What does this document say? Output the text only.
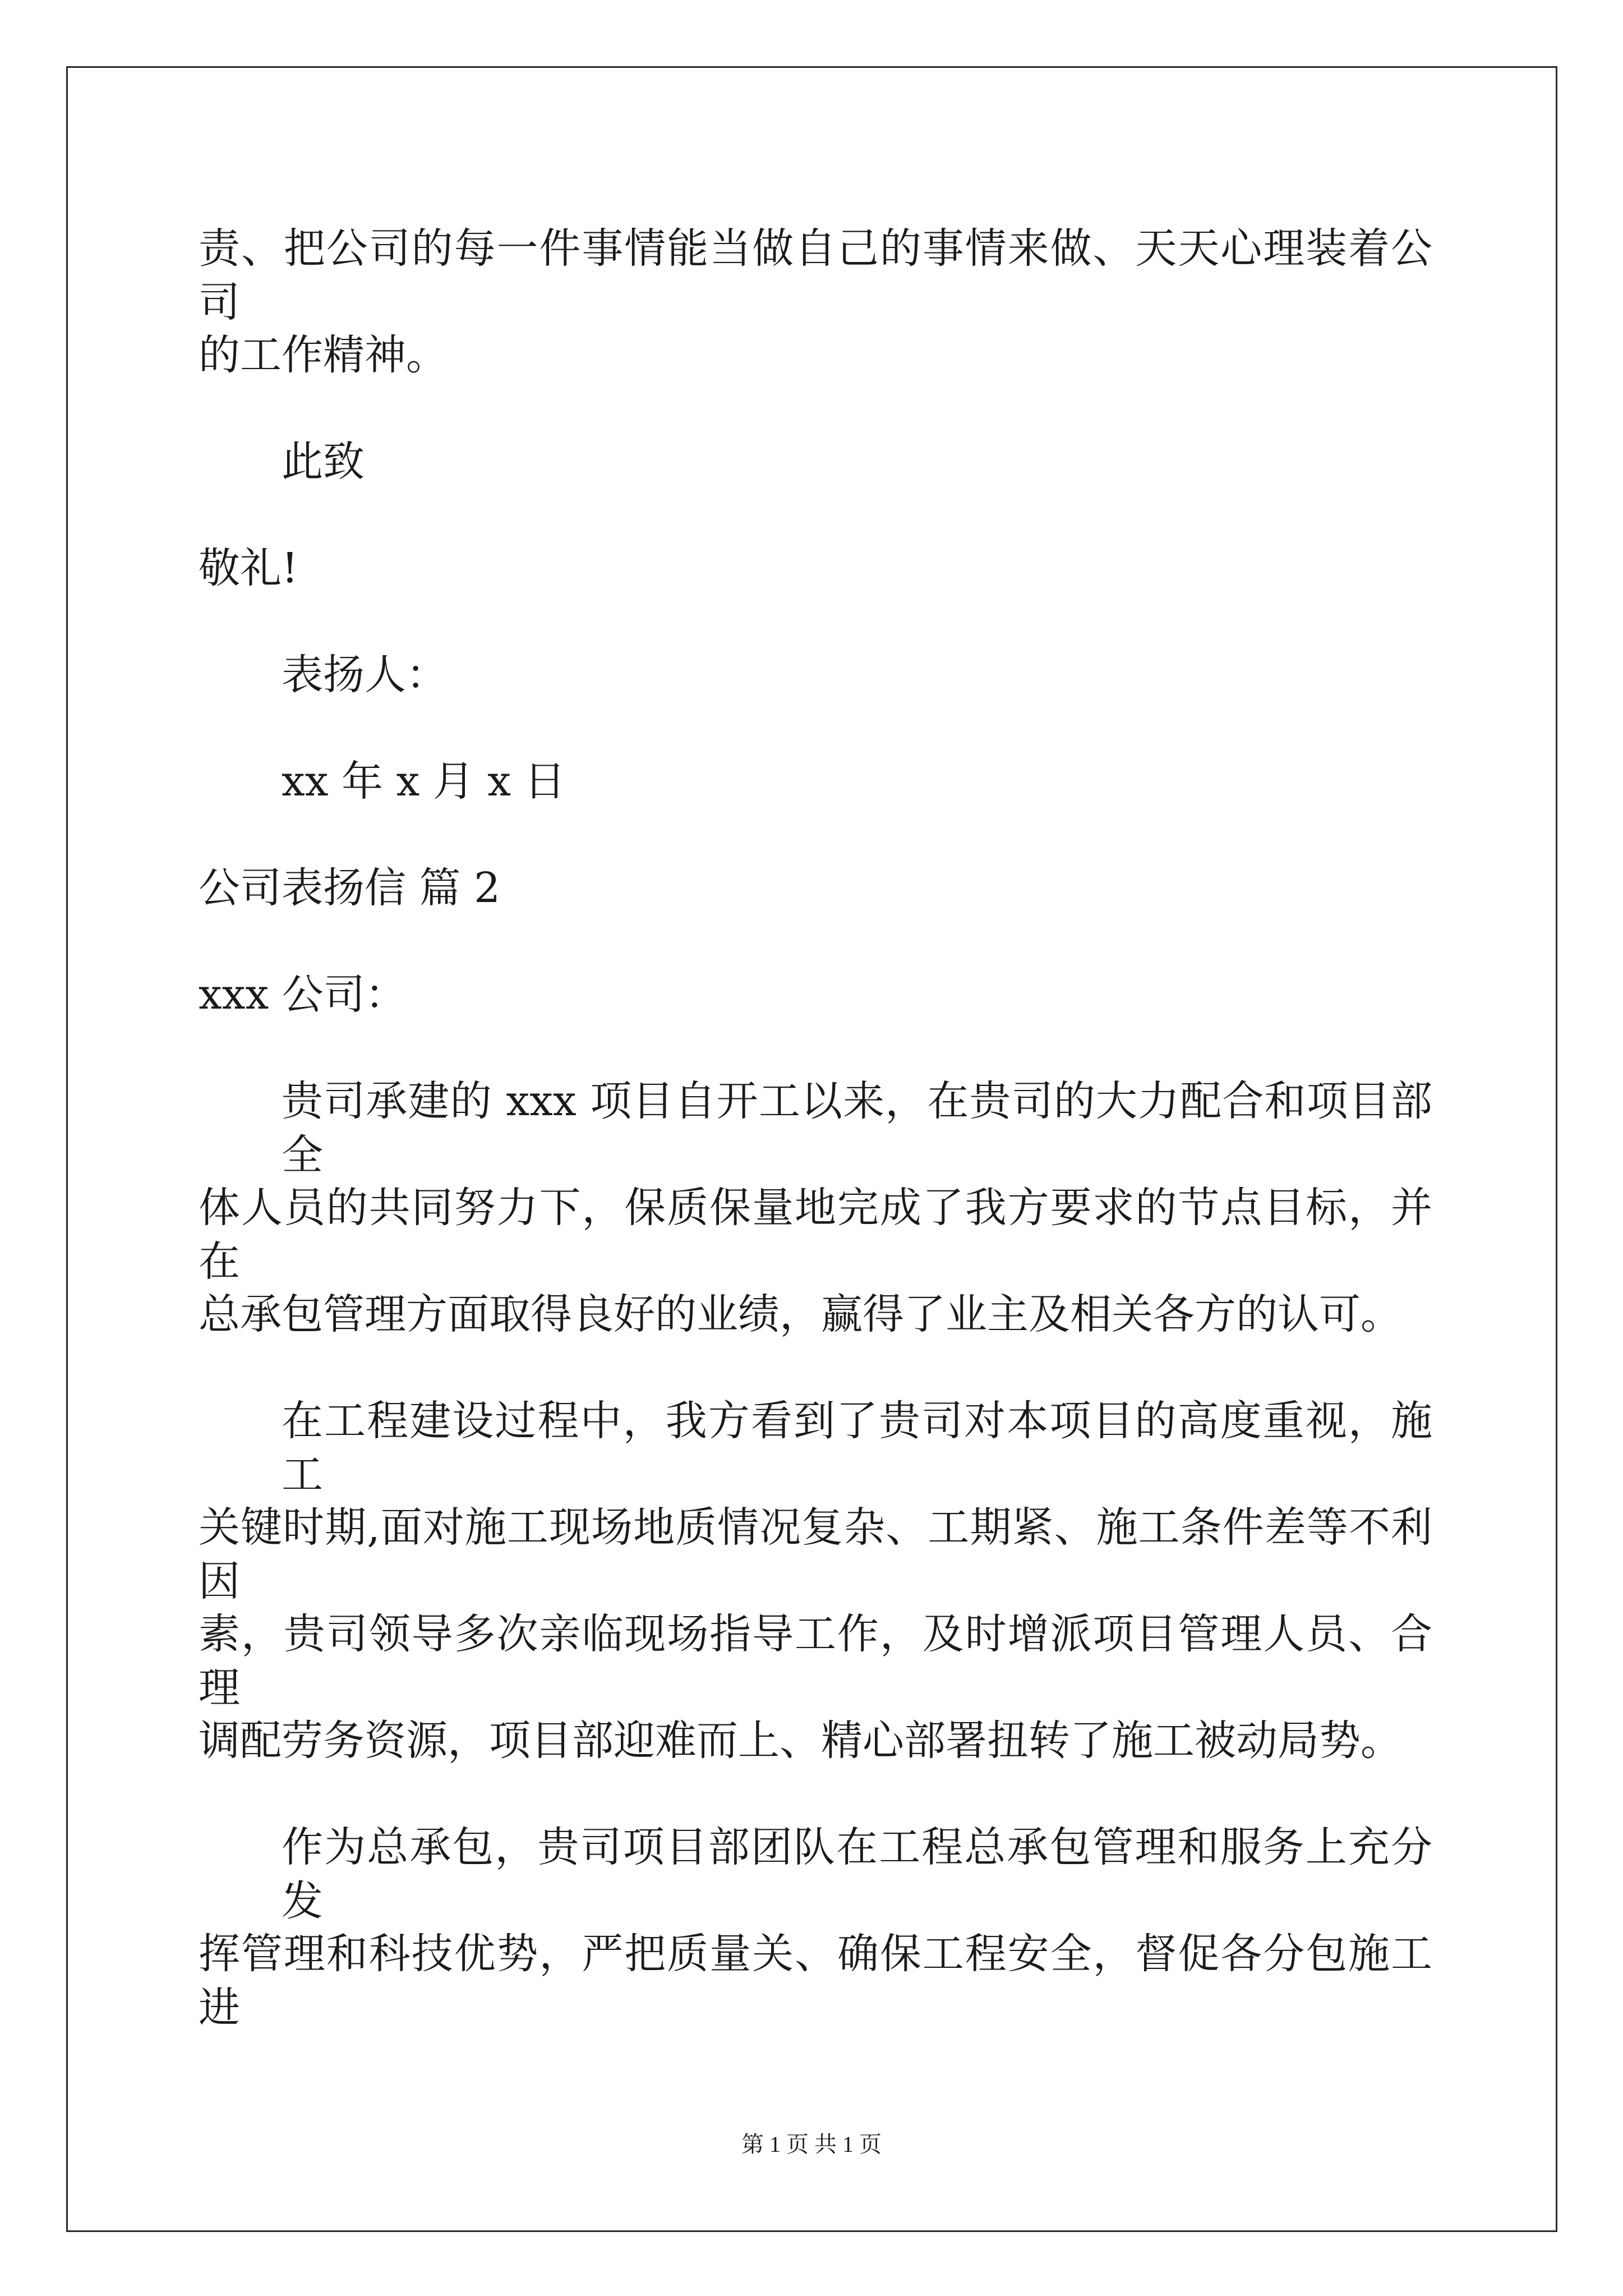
责、把公司的每一件事情能当做自己的事情来做、天天心理装着公司
的工作精神。
此致
敬礼!
表扬人：
xx 年 x 月 x 日
公司表扬信 篇 2
xxx 公司：
贵司承建的 xxx 项目自开工以来，在贵司的大力配合和项目部全
体人员的共同努力下，保质保量地完成了我方要求的节点目标，并在
总承包管理方面取得良好的业绩，赢得了业主及相关各方的认可。
在工程建设过程中，我方看到了贵司对本项目的高度重视，施工
关键时期,面对施工现场地质情况复杂、工期紧、施工条件差等不利因
素，贵司领导多次亲临现场指导工作，及时增派项目管理人员、合理
调配劳务资源，项目部迎难而上、精心部署扭转了施工被动局势。
作为总承包，贵司项目部团队在工程总承包管理和服务上充分发
挥管理和科技优势，严把质量关、确保工程安全，督促各分包施工进
第 1 页 共 1 页
